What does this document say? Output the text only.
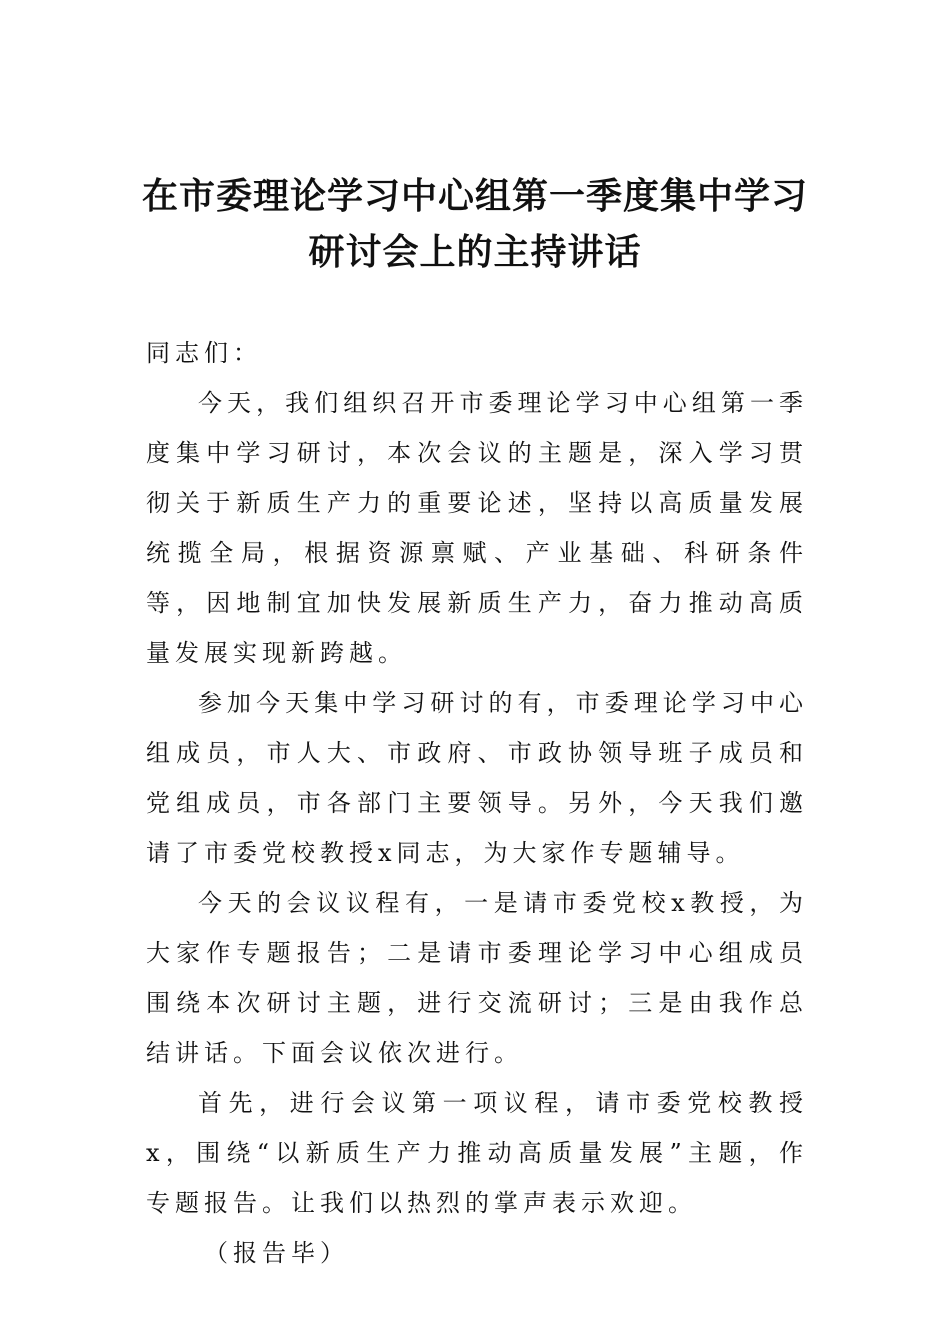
在市委理论学习中心组第一季度集中学习
研讨会上的主持讲话

同志们：

今天，我们组织召开市委理论学习中心组第一季度集中学习研讨，本次会议的主题是，深入学习贯彻关于新质生产力的重要论述，坚持以高质量发展统揽全局，根据资源禀赋、产业基础、科研条件等，因地制宜加快发展新质生产力，奋力推动高质量发展实现新跨越。

参加今天集中学习研讨的有，市委理论学习中心组成员，市人大、市政府、市政协领导班子成员和党组成员，市各部门主要领导。另外，今天我们邀请了市委党校教授x同志，为大家作专题辅导。

今天的会议议程有，一是请市委党校x教授，为大家作专题报告；二是请市委理论学习中心组成员围绕本次研讨主题，进行交流研讨；三是由我作总结讲话。下面会议依次进行。

首先，进行会议第一项议程，请市委党校教授x，围绕“以新质生产力推动高质量发展”主题，作专题报告。让我们以热烈的掌声表示欢迎。

（报告毕）
